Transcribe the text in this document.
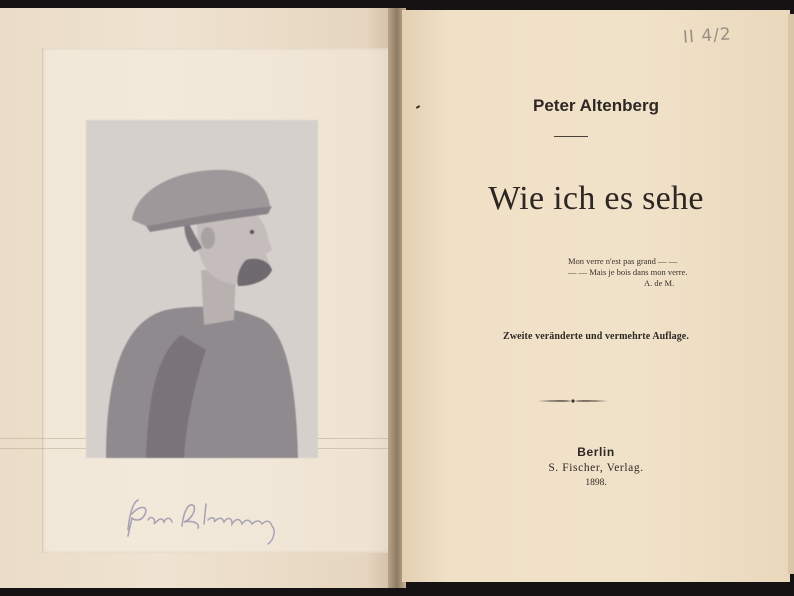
II 4/2
Peter Altenberg
Wie ich es sehe
Mon verre n'est pas grand — —
— — Mais je bois dans mon verre.
A. de M.
Zweite veränderte und vermehrte Auflage.
Berlin
S. Fischer, Verlag.
1898.
